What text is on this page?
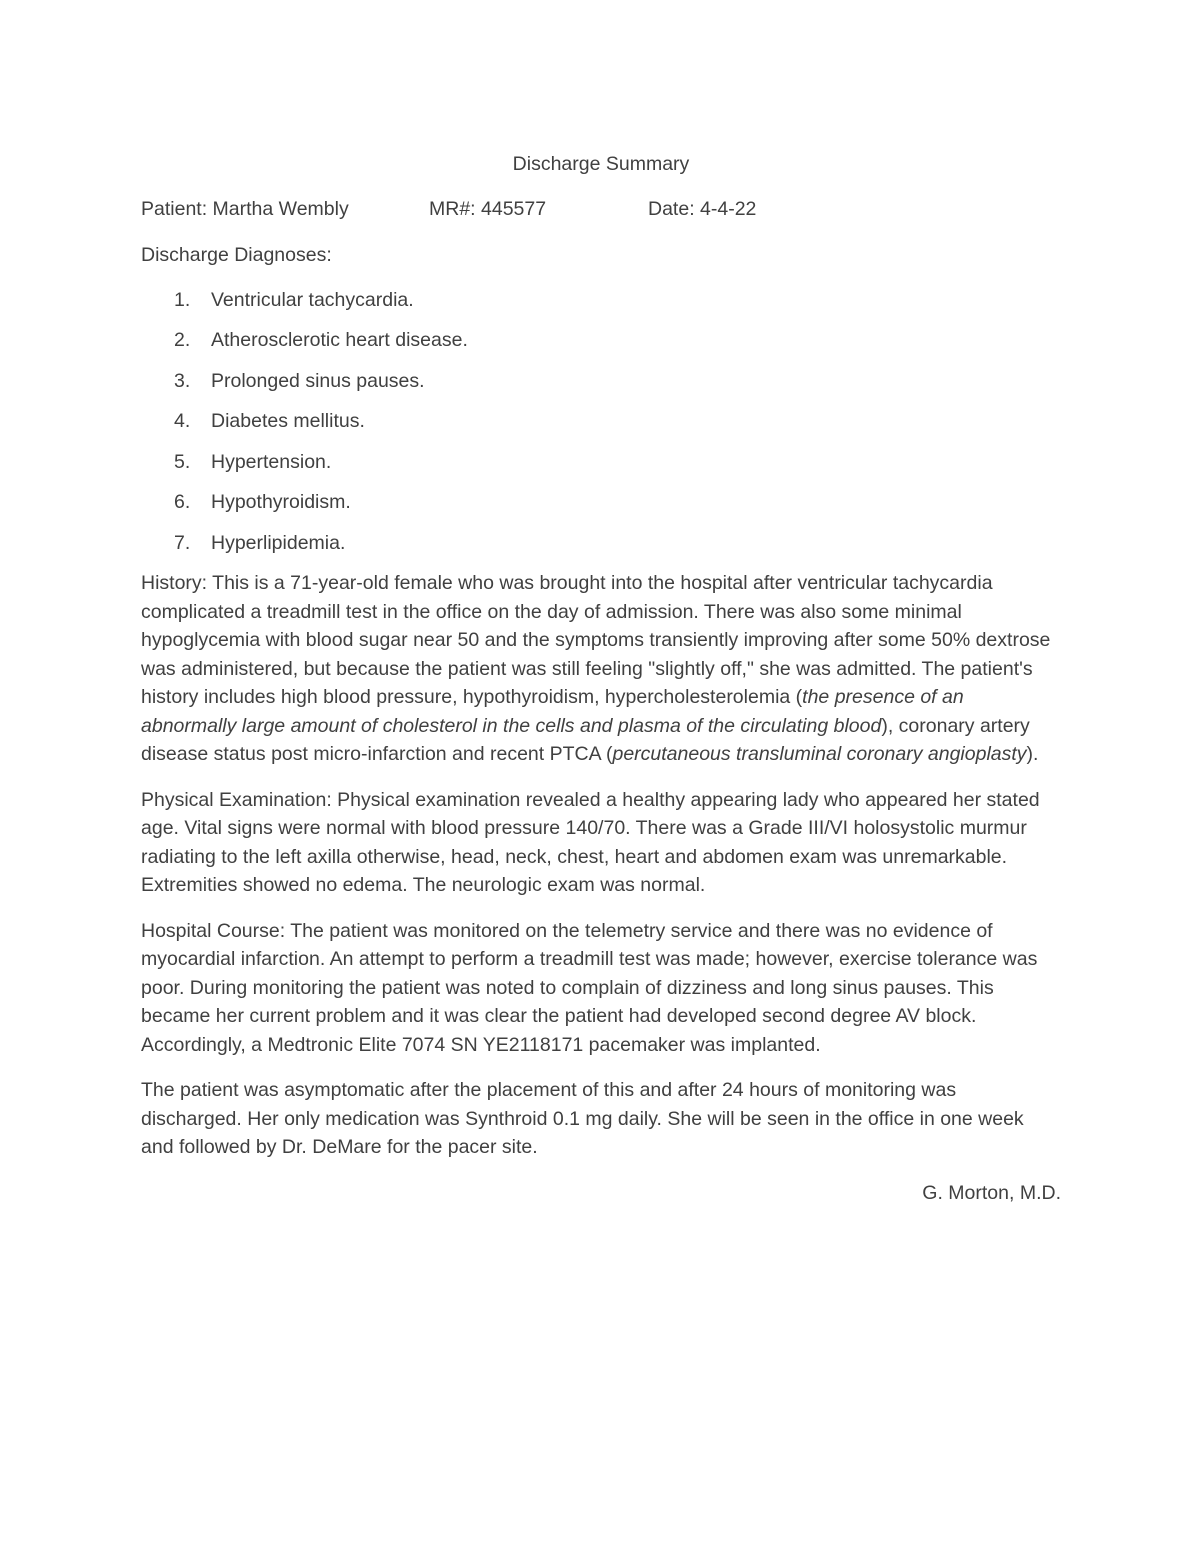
Discharge Summary
Patient: Martha Wembly	MR#: 445577	Date: 4-4-22
Discharge Diagnoses:
1. Ventricular tachycardia.
2. Atherosclerotic heart disease.
3. Prolonged sinus pauses.
4. Diabetes mellitus.
5. Hypertension.
6. Hypothyroidism.
7. Hyperlipidemia.

History: This is a 71-year-old female who was brought into the hospital after ventricular tachycardia complicated a treadmill test in the office on the day of admission. There was also some minimal hypoglycemia with blood sugar near 50 and the symptoms transiently improving after some 50% dextrose was administered, but because the patient was still feeling "slightly off," she was admitted. The patient's history includes high blood pressure, hypothyroidism, hypercholesterolemia (the presence of an abnormally large amount of cholesterol in the cells and plasma of the circulating blood), coronary artery disease status post micro-infarction and recent PTCA (percutaneous transluminal coronary angioplasty).

Physical Examination: Physical examination revealed a healthy appearing lady who appeared her stated age. Vital signs were normal with blood pressure 140/70. There was a Grade III/VI holosystolic murmur radiating to the left axilla otherwise, head, neck, chest, heart and abdomen exam was unremarkable. Extremities showed no edema. The neurologic exam was normal.

Hospital Course: The patient was monitored on the telemetry service and there was no evidence of myocardial infarction. An attempt to perform a treadmill test was made; however, exercise tolerance was poor. During monitoring the patient was noted to complain of dizziness and long sinus pauses. This became her current problem and it was clear the patient had developed second degree AV block. Accordingly, a Medtronic Elite 7074 SN YE2118171 pacemaker was implanted.

The patient was asymptomatic after the placement of this and after 24 hours of monitoring was discharged. Her only medication was Synthroid 0.1 mg daily. She will be seen in the office in one week and followed by Dr. DeMare for the pacer site.

G. Morton, M.D.
